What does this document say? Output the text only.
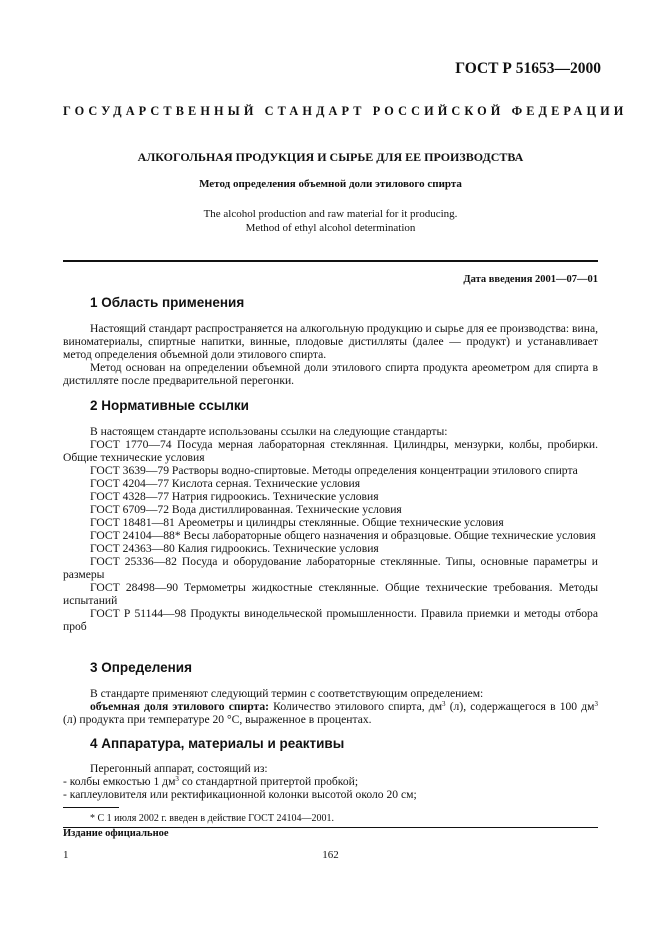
ГОСТ Р 51653—2000
ГОСУДАРСТВЕННЫЙ СТАНДАРТ РОССИЙСКОЙ ФЕДЕРАЦИИ
АЛКОГОЛЬНАЯ ПРОДУКЦИЯ И СЫРЬЕ ДЛЯ ЕЕ ПРОИЗВОДСТВА
Метод определения объемной доли этилового спирта
The alcohol production and raw material for it producing.
Method of ethyl alcohol determination
Дата введения 2001—07—01
1 Область применения

Настоящий стандарт распространяется на алкогольную продукцию и сырье для ее производства: вина, виноматериалы, спиртные напитки, винные, плодовые дистилляты (далее — продукт) и устанавливает метод определения объемной доли этилового спирта.

Метод основан на определении объемной доли этилового спирта продукта ареометром для спирта в дистилляте после предварительной перегонки.

2 Нормативные ссылки

В настоящем стандарте использованы ссылки на следующие стандарты:

ГОСТ 1770—74 Посуда мерная лабораторная стеклянная. Цилиндры, мензурки, колбы, пробирки. Общие технические условия

ГОСТ 3639—79 Растворы водно-спиртовые. Методы определения концентрации этилового спирта

ГОСТ 4204—77 Кислота серная. Технические условия

ГОСТ 4328—77 Натрия гидроокись. Технические условия

ГОСТ 6709—72 Вода дистиллированная. Технические условия

ГОСТ 18481—81 Ареометры и цилиндры стеклянные. Общие технические условия

ГОСТ 24104—88* Весы лабораторные общего назначения и образцовые. Общие технические условия

ГОСТ 24363—80 Калия гидроокись. Технические условия

ГОСТ 25336—82 Посуда и оборудование лабораторные стеклянные. Типы, основные параметры и размеры

ГОСТ 28498—90 Термометры жидкостные стеклянные. Общие технические требования. Методы испытаний

ГОСТ Р 51144—98 Продукты винодельческой промышленности. Правила приемки и методы отбора проб

3 Определения

В стандарте применяют следующий термин с соответствующим определением:

объемная доля этилового спирта: Количество этилового спирта, $дм^3$ (л), содержащегося в 100 $дм^3$ (л) продукта при температуре 20 °С, выраженное в процентах.

4 Аппаратура, материалы и реактивы

Перегонный аппарат, состоящий из:

- колбы емкостью 1 $дм^3$ со стандартной притертой пробкой;

- каплеуловителя или ректификационной колонки высотой около 20 см;

* С 1 июля 2002 г. введен в действие ГОСТ 24104—2001.
Издание официальное
1	162
